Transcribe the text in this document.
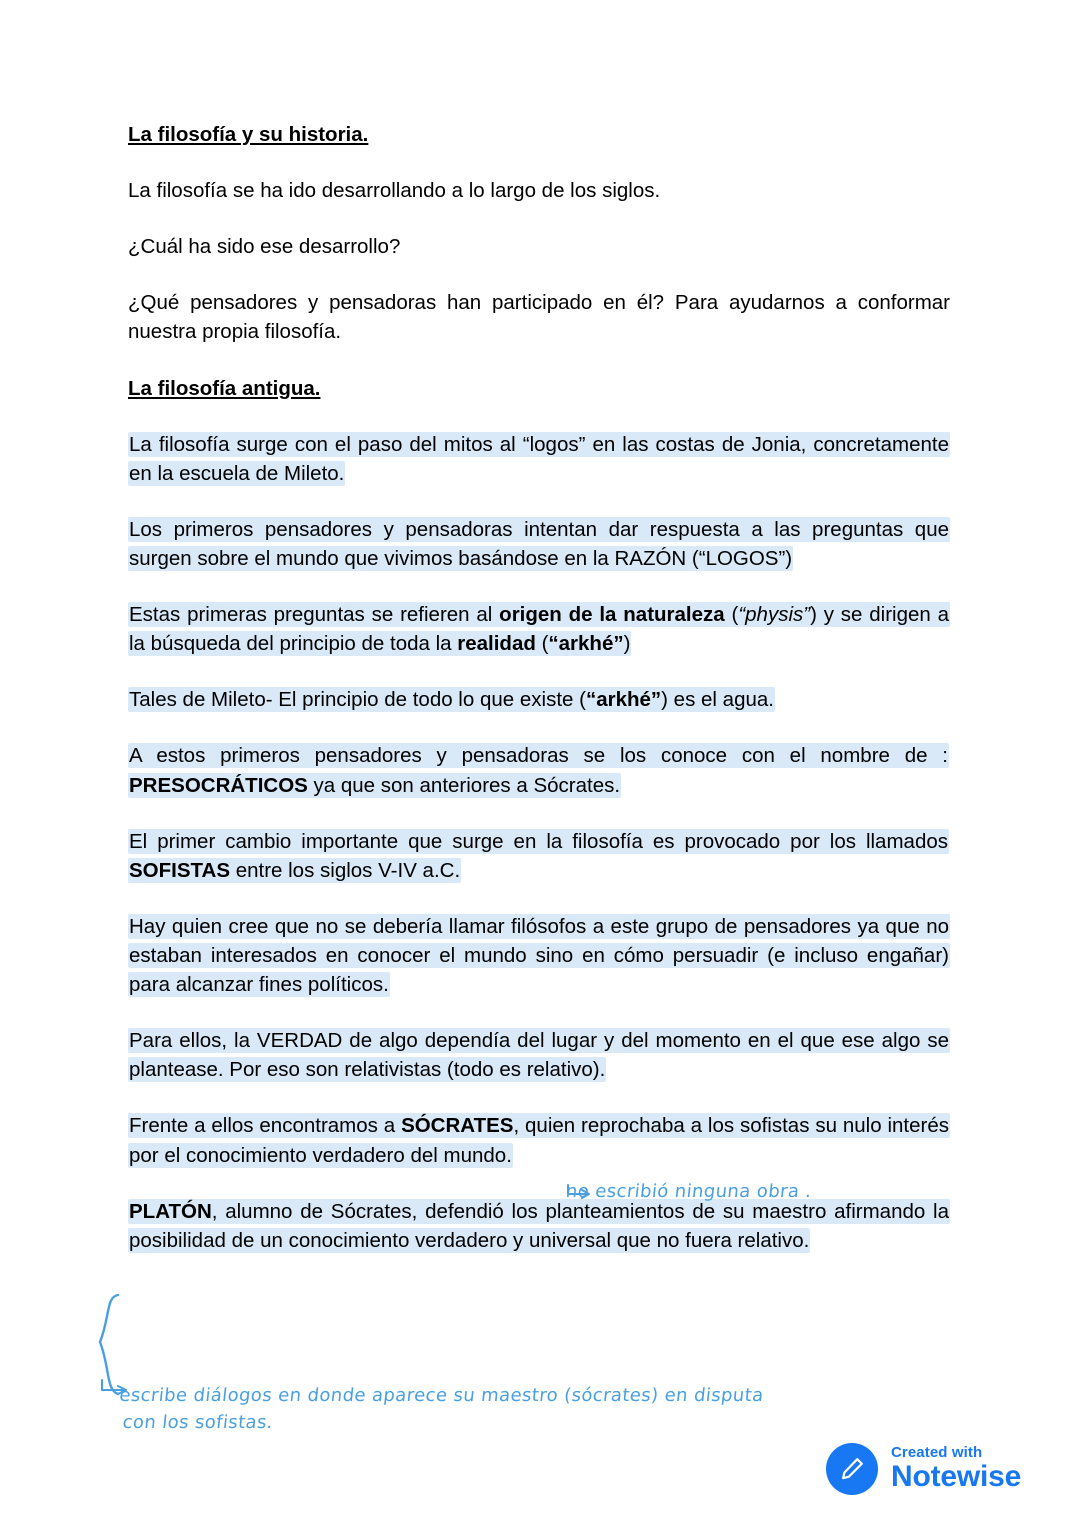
La filosofía y su historia.

La filosofía se ha ido desarrollando a lo largo de los siglos.

¿Cuál ha sido ese desarrollo?

¿Qué pensadores y pensadoras han participado en él? Para ayudarnos a conformar nuestra propia filosofía.

La filosofía antigua.

La filosofía surge con el paso del mitos al “logos” en las costas de Jonia, concretamente en la escuela de Mileto.

Los primeros pensadores y pensadoras intentan dar respuesta a las preguntas que surgen sobre el mundo que vivimos basándose en la RAZÓN (“LOGOS”)

Estas primeras preguntas se refieren al origen de la naturaleza (“physis”) y se dirigen a la búsqueda del principio de toda la realidad (“arkhé”)

Tales de Mileto- El principio de todo lo que existe (“arkhé”) es el agua.

A estos primeros pensadores y pensadoras se los conoce con el nombre de : PRESOCRÁTICOS ya que son anteriores a Sócrates.

El primer cambio importante que surge en la filosofía es provocado por los llamados SOFISTAS entre los siglos V-IV a.C.

Hay quien cree que no se debería llamar filósofos a este grupo de pensadores ya que no estaban interesados en conocer el mundo sino en cómo persuadir (e incluso engañar) para alcanzar fines políticos.

Para ellos, la VERDAD de algo dependía del lugar y del momento en el que ese algo se plantease. Por eso son relativistas (todo es relativo).

Frente a ellos encontramos a SÓCRATES, quien reprochaba a los sofistas su nulo interés por el conocimiento verdadero del mundo.

PLATÓN, alumno de Sócrates, defendió los planteamientos de su maestro afirmando la posibilidad de un conocimiento verdadero y universal que no fuera relativo.

no escribió ninguna obra .
escribe diálogos en donde aparece su maestro (sócrates) en disputa
con los sofistas.
Created with
Notewise
